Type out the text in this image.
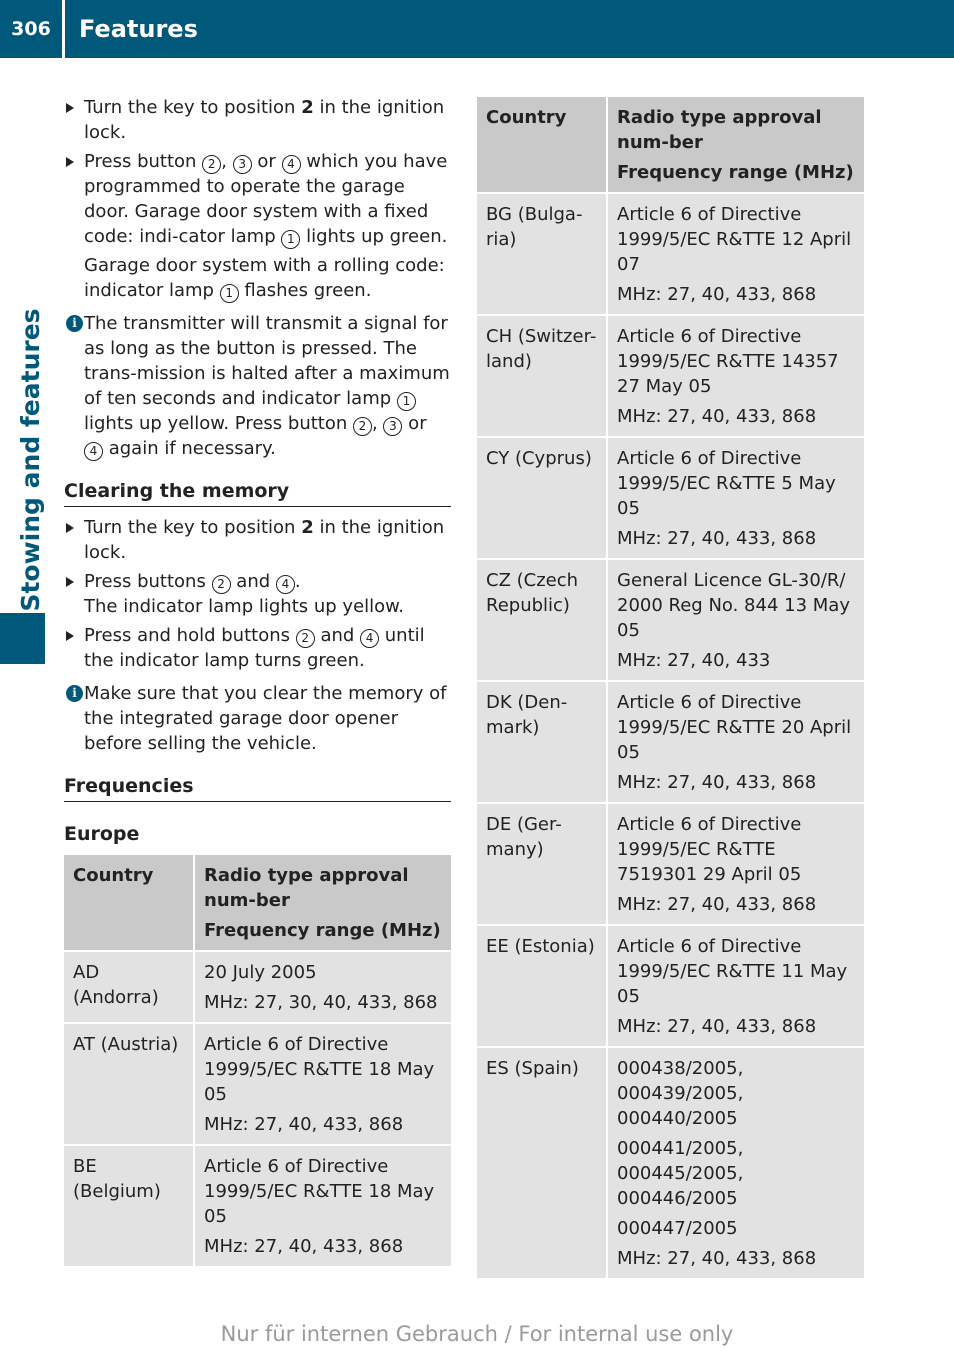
306	Features
Stowing and features
Turn the key to position 2 in the ignition lock.
Press button 2 , 3 or 4 which you have programmed to operate the garage door. Garage door system with a fixed code: indi-cator lamp 1 lights up green.
Garage door system with a rolling code: indicator lamp 1 flashes green.
i The transmitter will transmit a signal for as long as the button is pressed. The trans-mission is halted after a maximum of ten seconds and indicator lamp 1 lights up yellow. Press button 2 , 3 or 4 again if necessary.
Clearing the memory
Turn the key to position 2 in the ignition lock.
Press buttons 2 and 4 .
The indicator lamp lights up yellow.
Press and hold buttons 2 and 4 until the indicator lamp turns green.
i Make sure that you clear the memory of the integrated garage door opener before selling the vehicle.
Frequencies
Europe
Country	Radio type approval num-ber

Frequency range (MHz)

AD (Andorra)	20 July 2005

MHz: 27, 30, 40, 433, 868

AT (Austria)	Article 6 of Directive 1999/5/EC R&TTE 18 May 05

MHz: 27, 40, 433, 868

BE (Belgium)	Article 6 of Directive 1999/5/EC R&TTE 18 May 05

MHz: 27, 40, 433, 868

Country	Radio type approval num-ber

Frequency range (MHz)

BG (Bulga-ria)	Article 6 of Directive 1999/5/EC R&TTE 12 April 07

MHz: 27, 40, 433, 868

CH (Switzer-land)	Article 6 of Directive 1999/5/EC R&TTE 14357 27 May 05

MHz: 27, 40, 433, 868

CY (Cyprus)	Article 6 of Directive 1999/5/EC R&TTE 5 May 05

MHz: 27, 40, 433, 868

CZ (Czech Republic)	General Licence GL-30/R/ 2000 Reg No. 844 13 May 05

MHz: 27, 40, 433

DK (Den-mark)	Article 6 of Directive 1999/5/EC R&TTE 20 April 05

MHz: 27, 40, 433, 868

DE (Ger-many)	Article 6 of Directive 1999/5/EC R&TTE 7519301 29 April 05

MHz: 27, 40, 433, 868

EE (Estonia)	Article 6 of Directive 1999/5/EC R&TTE 11 May 05

MHz: 27, 40, 433, 868

ES (Spain)	000438/2005, 000439/2005, 000440/2005

000441/2005, 000445/2005, 000446/2005

000447/2005

MHz: 27, 40, 433, 868

Nur für internen Gebrauch / For internal use only
